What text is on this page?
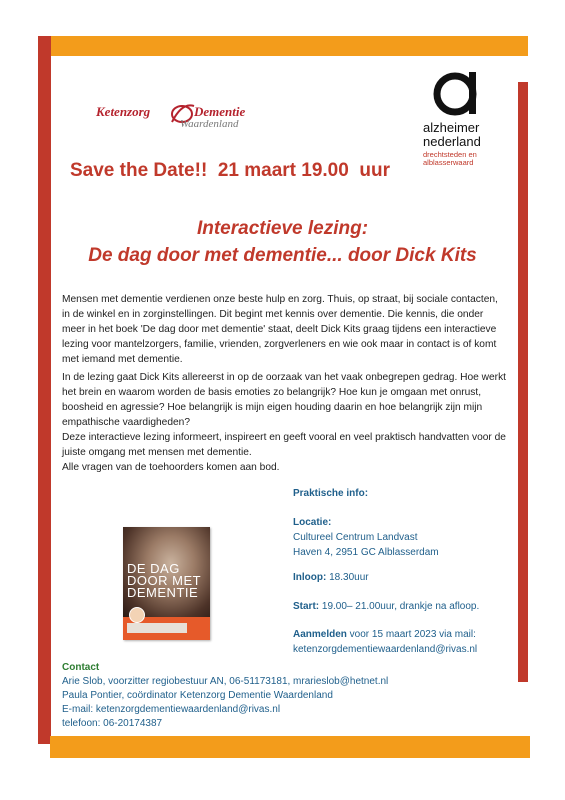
Ketenzorg	Dementie
Waardenland	alzheimer
nederland
drechtsteden en
alblasserwaard
Save the Date!!  21 maart 19.00  uur
Interactieve lezing:
De dag door met dementie... door Dick Kits
Mensen met dementie verdienen onze beste hulp en zorg. Thuis, op straat, bij sociale contacten, in de winkel en in zorginstellingen. Dit begint met kennis over dementie. Die kennis, die onder meer in het boek 'De dag door met dementie' staat, deelt Dick Kits graag tijdens een interactieve lezing voor mantelzorgers, familie, vrienden, zorgverleners en wie ook maar in contact is of komt met iemand met dementie.
In de lezing gaat Dick Kits allereerst in op de oorzaak van het vaak onbegrepen gedrag. Hoe werkt het brein en waarom worden de basis emoties zo belangrijk? Hoe kun je omgaan met onrust, boosheid en agressie? Hoe belangrijk is mijn eigen houding daarin en hoe belangrijk zijn mijn empathische vaardigheden?
Deze interactieve lezing informeert, inspireert en geeft vooral en veel praktisch handvatten voor de juiste omgang met mensen met dementie.
Alle vragen van de toehoorders komen aan bod.
Praktische info:
Locatie:
Cultureel Centrum Landvast
Haven 4, 2951 GC Alblasserdam
Inloop: 18.30uur
Start: 19.00– 21.00uur, drankje na afloop.
Aanmelden voor 15 maart 2023 via mail:
ketenzorgdementiewaardenland@rivas.nl
DE DAG
DOOR MET
DEMENTIE
Contact
Arie Slob, voorzitter regiobestuur AN, 06-51173181, mrarieslob@hetnet.nl
Paula Pontier, coördinator Ketenzorg Dementie Waardenland
E-mail: ketenzorgdementiewaardenland@rivas.nl
telefoon: 06-20174387
